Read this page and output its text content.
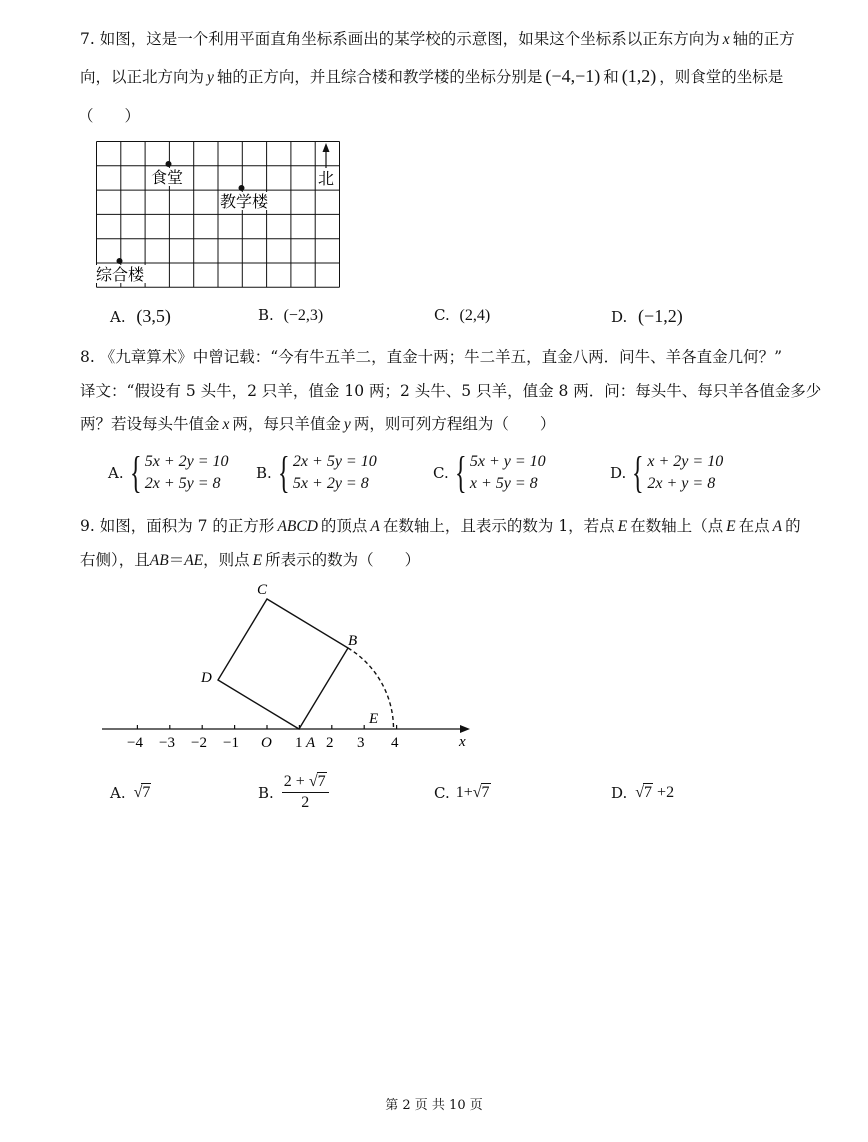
7. 如图，这是一个利用平面直角坐标系画出的某学校的示意图，如果这个坐标系以正东方向为 x 轴的正方
向，以正北方向为 y 轴的正方向，并且综合楼和教学楼的坐标分别是 (−4,−1) 和 (1,2) ，则食堂的坐标是
（　　）
食堂
教学楼
综合楼
北
A. (3,5)	B. (−2,3)	C. (2,4)	D. (−1,2)
8. 《九章算术》中曾记载：“今有牛五羊二，直金十两；牛二羊五，直金八两．问牛、羊各直金几何？”
译文：“假设有 5 头牛，2 只羊，值金 10 两；2 头牛、5 只羊，值金 8 两．问：每头牛、每只羊各值金多少
两？若设每头牛值金 x 两，每只羊值金 y 两，则可列方程组为（　　）
A. { 5x + 2y = 10
2x + 5y = 8
B. { 2x + 5y = 10
5x + 2y = 8
C. { 5x + y = 10
x + 5y = 8
D. { x + 2y = 10
2x + y = 8
9. 如图，面积为 7 的正方形 ABCD 的顶点 A 在数轴上，且表示的数为 1，若点 E 在数轴上（点 E 在点 A 的
右侧），且AB＝AE，则点 E 所表示的数为（　　）
C
B
D
E
A
O	x
−4 −3 −2 −1	1 2 3 4
A. √7	B. $\frac{2 + √7}{2}$	C. 1+ √7	D. √7 +2
第 2 页 共 10 页
